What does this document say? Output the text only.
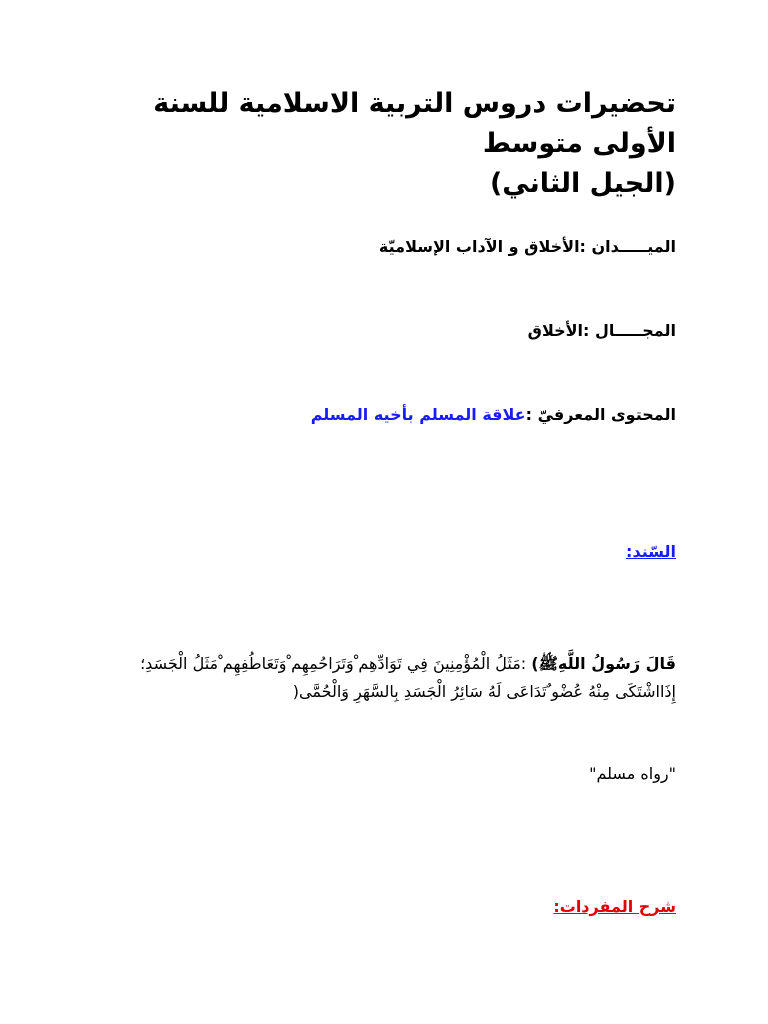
تحضيرات دروس التربية الاسلامية للسنة الأولى متوسط
(الجيل الثاني)
الميـــــدان :الأخلاق و الآداب الإسلاميّة
المجـــــال :الأخلاق
المحتوى المعرفيّ :علاقة المسلم بأخيه المسلم
السّند:
قَالَ رَسُولُ اللَّهِﷺ) :مَثَلُ الْمُؤْمِنِينَ فِي تَوَادِّهِم ْوَتَرَاحُمِهِم ْوَتَعَاطُفِهِم ْمَثَلُ الْجَسَدِ؛
إِذَااشْتَكَى مِنْهُ عُضْو ٌتَدَاعَى لَهُ سَائِرُ الْجَسَدِ بِالسَّهَرِ وَالْحُمَّى(
"رواه مسلم"
شرح المفردات:
